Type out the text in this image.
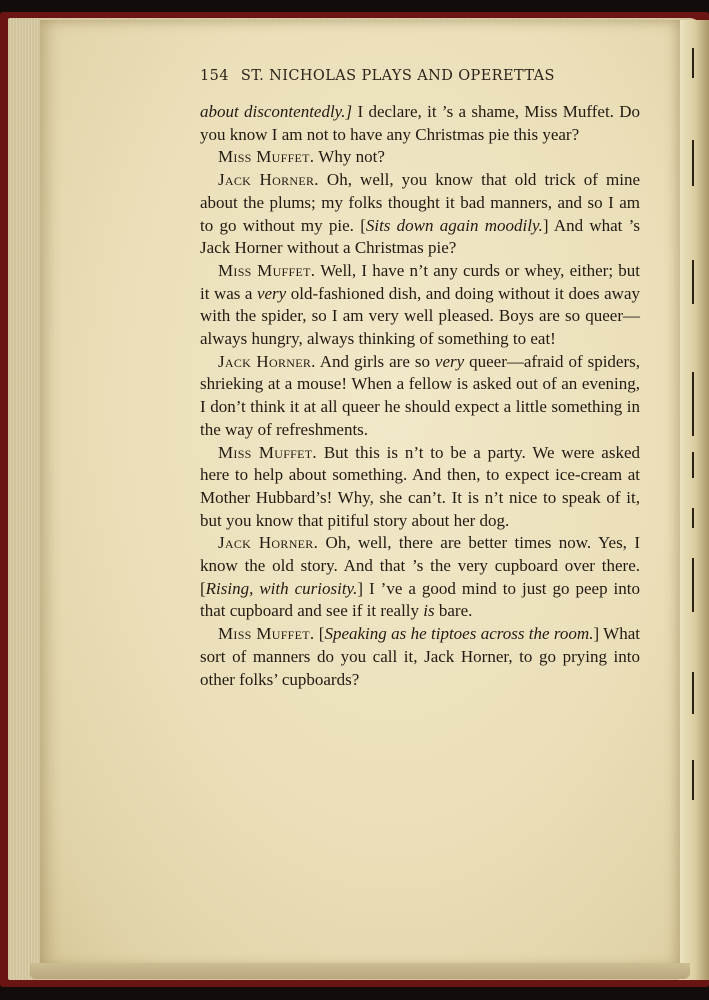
154 ST. NICHOLAS PLAYS AND OPERETTAS

about discontentedly.] I declare, it ’s a shame, Miss Muffet. Do you know I am not to have any Christmas pie this year?

Miss Muffet. Why not?

Jack Horner. Oh, well, you know that old trick of mine about the plums; my folks thought it bad manners, and so I am to go without my pie. [Sits down again moodily.] And what ’s Jack Horner without a Christmas pie?

Miss Muffet. Well, I have n’t any curds or whey, either; but it was a very old-fashioned dish, and doing without it does away with the spider, so I am very well pleased. Boys are so queer—always hungry, always thinking of something to eat!

Jack Horner. And girls are so very queer—afraid of spiders, shrieking at a mouse! When a fellow is asked out of an evening, I don’t think it at all queer he should expect a little something in the way of refreshments.

Miss Muffet. But this is n’t to be a party. We were asked here to help about something. And then, to expect ice-cream at Mother Hubbard’s! Why, she can’t. It is n’t nice to speak of it, but you know that pitiful story about her dog.

Jack Horner. Oh, well, there are better times now. Yes, I know the old story. And that ’s the very cupboard over there. [Rising, with curiosity.] I ’ve a good mind to just go peep into that cupboard and see if it really is bare.

Miss Muffet. [Speaking as he tiptoes across the room.] What sort of manners do you call it, Jack Horner, to go prying into other folks’ cupboards?
